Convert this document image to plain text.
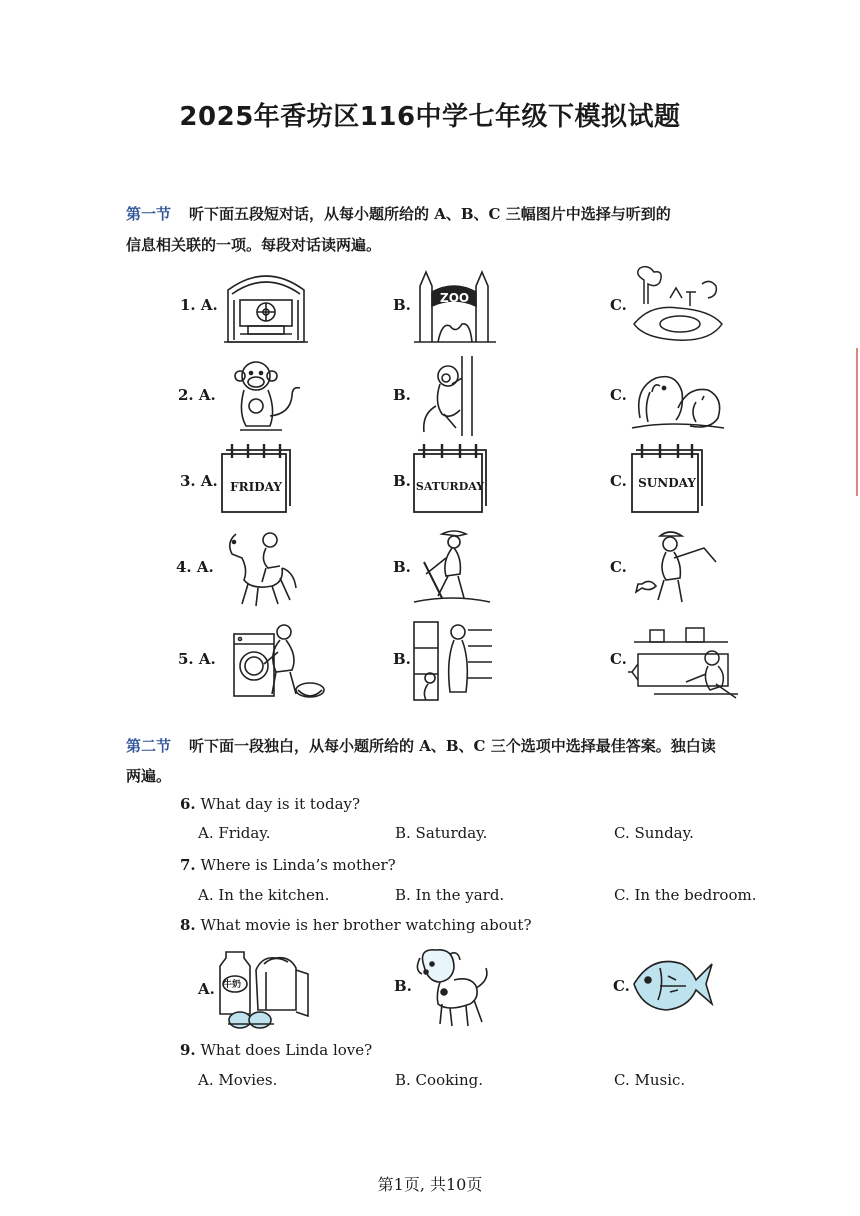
2025年香坊区116中学七年级下模拟试题
第一节 听下面五段短对话，从每小题所给的 A、B、C 三幅图片中选择与听到的
信息相关联的一项。每段对话读两遍。
1. A.	B. ZOO	C.
2. A.	B.	C.
3. A.	FRIDAY	B. SATURDAY	C. SUNDAY
4. A.	B.	C.
5. A.	B.	C.
第二节 听下面一段独白，从每小题所给的 A、B、C 三个选项中选择最佳答案。独白读
两遍。
6. What day is it today?
A. Friday.	B. Saturday.	C. Sunday.
7. Where is Linda’s mother?
A. In the kitchen.	B. In the yard.	C. In the bedroom.
8. What movie is her brother watching about?
A. 牛奶	B.	C.
9. What does Linda love?
A. Movies.	B. Cooking.	C. Music.
第1页, 共10页
